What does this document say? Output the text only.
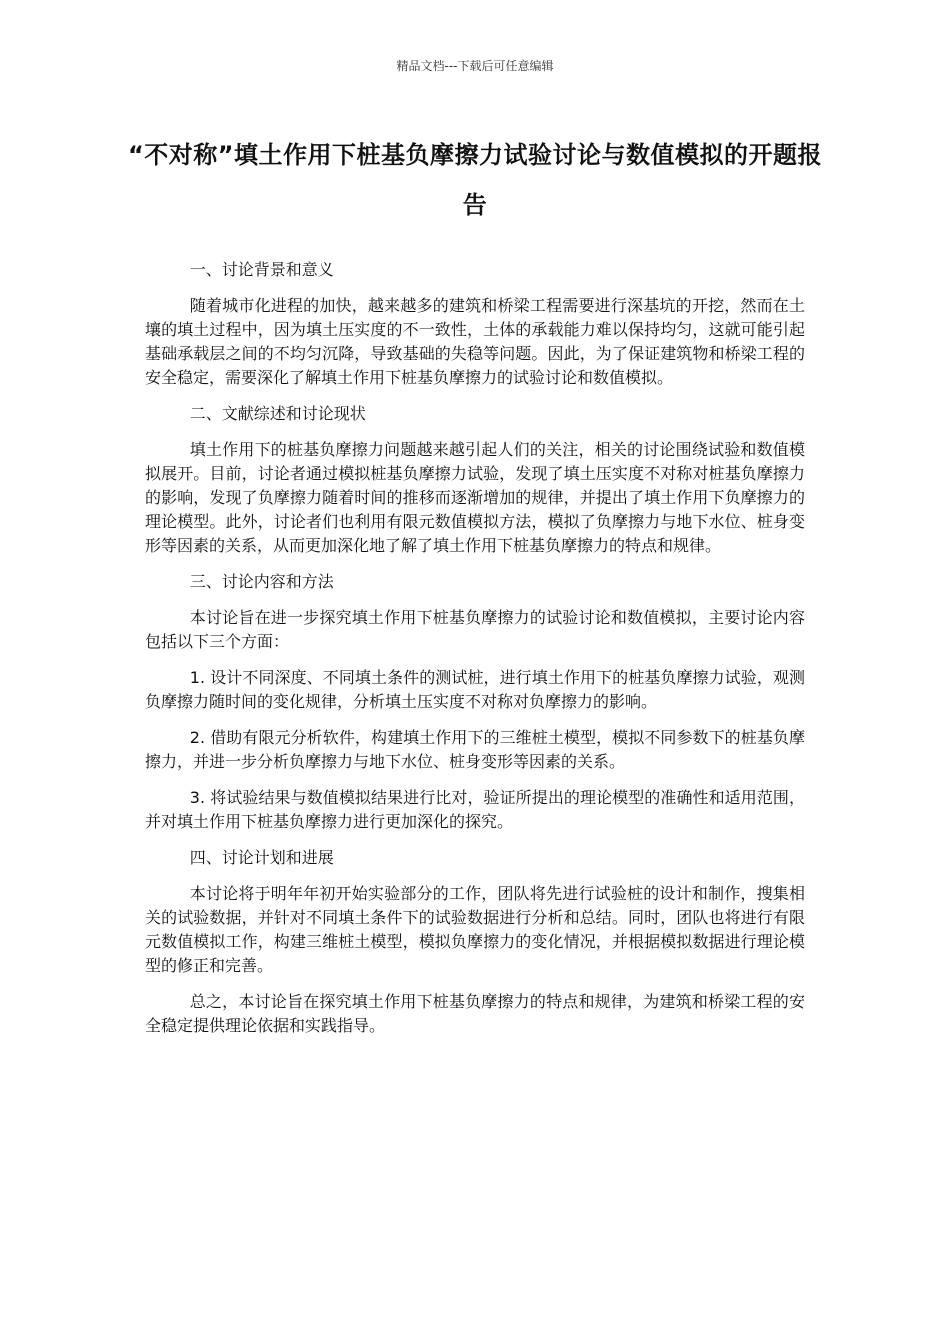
精品文档---下载后可任意编辑
“不对称”填土作用下桩基负摩擦力试验讨论与数值模拟的开题报告
一、讨论背景和意义

随着城市化进程的加快，越来越多的建筑和桥梁工程需要进行深基坑的开挖，然而在土壤的填土过程中，因为填土压实度的不一致性，土体的承载能力难以保持均匀，这就可能引起基础承载层之间的不均匀沉降，导致基础的失稳等问题。因此，为了保证建筑物和桥梁工程的安全稳定，需要深化了解填土作用下桩基负摩擦力的试验讨论和数值模拟。

二、文献综述和讨论现状

填土作用下的桩基负摩擦力问题越来越引起人们的关注，相关的讨论围绕试验和数值模拟展开。目前，讨论者通过模拟桩基负摩擦力试验，发现了填土压实度不对称对桩基负摩擦力的影响，发现了负摩擦力随着时间的推移而逐渐增加的规律，并提出了填土作用下负摩擦力的理论模型。此外，讨论者们也利用有限元数值模拟方法，模拟了负摩擦力与地下水位、桩身变形等因素的关系，从而更加深化地了解了填土作用下桩基负摩擦力的特点和规律。

三、讨论内容和方法

本讨论旨在进一步探究填土作用下桩基负摩擦力的试验讨论和数值模拟，主要讨论内容包括以下三个方面：

1. 设计不同深度、不同填土条件的测试桩，进行填土作用下的桩基负摩擦力试验，观测负摩擦力随时间的变化规律，分析填土压实度不对称对负摩擦力的影响。

2. 借助有限元分析软件，构建填土作用下的三维桩土模型，模拟不同参数下的桩基负摩擦力，并进一步分析负摩擦力与地下水位、桩身变形等因素的关系。

3. 将试验结果与数值模拟结果进行比对，验证所提出的理论模型的准确性和适用范围，并对填土作用下桩基负摩擦力进行更加深化的探究。

四、讨论计划和进展

本讨论将于明年年初开始实验部分的工作，团队将先进行试验桩的设计和制作，搜集相关的试验数据，并针对不同填土条件下的试验数据进行分析和总结。同时，团队也将进行有限元数值模拟工作，构建三维桩土模型，模拟负摩擦力的变化情况，并根据模拟数据进行理论模型的修正和完善。

总之，本讨论旨在探究填土作用下桩基负摩擦力的特点和规律，为建筑和桥梁工程的安全稳定提供理论依据和实践指导。
